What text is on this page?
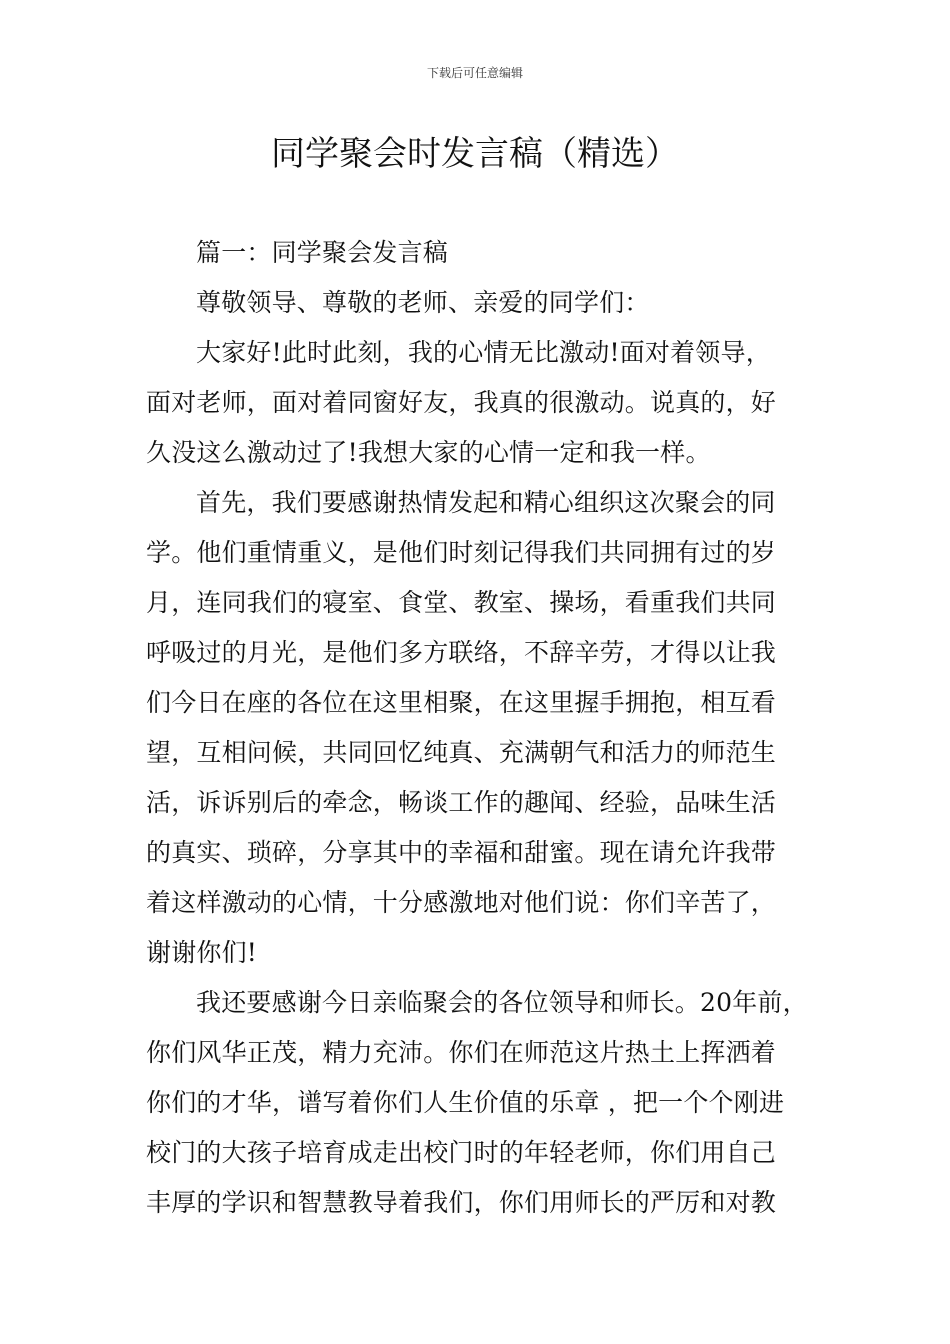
下载后可任意编辑
同学聚会时发言稿（精选）
篇一：同学聚会发言稿
尊敬领导、尊敬的老师、亲爱的同学们：
大家好!此时此刻，我的心情无比激动!面对着领导，
面对老师，面对着同窗好友，我真的很激动。说真的，好
久没这么激动过了!我想大家的心情一定和我一样。
首先，我们要感谢热情发起和精心组织这次聚会的同
学。他们重情重义，是他们时刻记得我们共同拥有过的岁
月，连同我们的寝室、食堂、教室、操场，看重我们共同
呼吸过的月光，是他们多方联络，不辞辛劳，才得以让我
们今日在座的各位在这里相聚，在这里握手拥抱，相互看
望，互相问候，共同回忆纯真、充满朝气和活力的师范生
活，诉诉别后的牵念，畅谈工作的趣闻、经验，品味生活
的真实、琐碎，分享其中的幸福和甜蜜。现在请允许我带
着这样激动的心情，十分感激地对他们说：你们辛苦了，
谢谢你们!
我还要感谢今日亲临聚会的各位领导和师长。20年前，
你们风华正茂，精力充沛。你们在师范这片热土上挥洒着
你们的才华，谱写着你们人生价值的乐章 ，把一个个刚进
校门的大孩子培育成走出校门时的年轻老师，你们用自己
丰厚的学识和智慧教导着我们，你们用师长的严厉和对教
